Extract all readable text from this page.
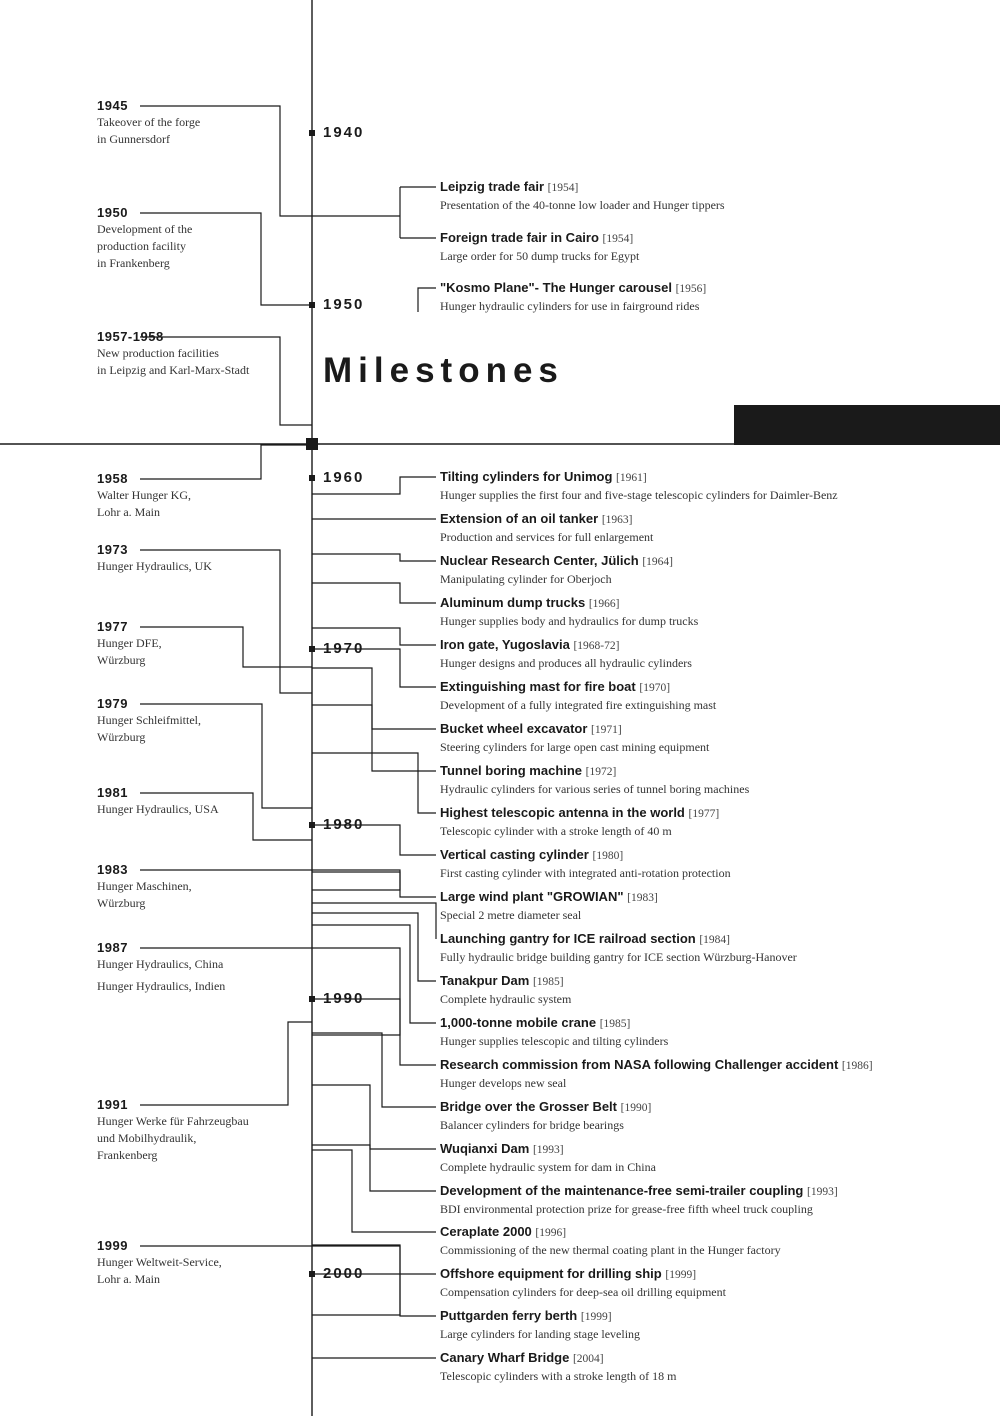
Milestones
1940
1950
1960
1970
1980
1990
2000
1945
Takeover of the forge
in Gunnersdorf
1950
Development of the
production facility
in Frankenberg
1957-1958
New production facilities
in Leipzig and Karl-Marx-Stadt
1958
Walter Hunger KG,
Lohr a. Main
1973
Hunger Hydraulics, UK
1977
Hunger DFE,
Würzburg
1979
Hunger Schleifmittel,
Würzburg
1981
Hunger Hydraulics, USA
1983
Hunger Maschinen,
Würzburg
1987
Hunger Hydraulics, China
Hunger Hydraulics, Indien
1991
Hunger Werke für Fahrzeugbau
und Mobilhydraulik,
Frankenberg
1999
Hunger Weltweit-Service,
Lohr a. Main
Leipzig trade fair [1954]
Presentation of the 40-tonne low loader and Hunger tippers
Foreign trade fair in Cairo [1954]
Large order for 50 dump trucks for Egypt
"Kosmo Plane"- The Hunger carousel [1956]
Hunger hydraulic cylinders for use in fairground rides
Tilting cylinders for Unimog [1961]
Hunger supplies the first four and five-stage telescopic cylinders for Daimler-Benz
Extension of an oil tanker [1963]
Production and services for full enlargement
Nuclear Research Center, Jülich [1964]
Manipulating cylinder for Oberjoch
Aluminum dump trucks [1966]
Hunger supplies body and hydraulics for dump trucks
Iron gate, Yugoslavia [1968-72]
Hunger designs and produces all hydraulic cylinders
Extinguishing mast for fire boat [1970]
Development of a fully integrated fire extinguishing mast
Bucket wheel excavator [1971]
Steering cylinders for large open cast mining equipment
Tunnel boring machine [1972]
Hydraulic cylinders for various series of tunnel boring machines
Highest telescopic antenna in the world [1977]
Telescopic cylinder with a stroke length of 40 m
Vertical casting cylinder [1980]
First casting cylinder with integrated anti-rotation protection
Large wind plant "GROWIAN" [1983]
Special 2 metre diameter seal
Launching gantry for ICE railroad section [1984]
Fully hydraulic bridge building gantry for ICE section Würzburg-Hanover
Tanakpur Dam [1985]
Complete hydraulic system
1,000-tonne mobile crane [1985]
Hunger supplies telescopic and tilting cylinders
Research commission from NASA following Challenger accident [1986]
Hunger develops new seal
Bridge over the Grosser Belt [1990]
Balancer cylinders for bridge bearings
Wuqianxi Dam [1993]
Complete hydraulic system for dam in China
Development of the maintenance-free semi-trailer coupling [1993]
BDI environmental protection prize for grease-free fifth wheel truck coupling
Ceraplate 2000 [1996]
Commissioning of the new thermal coating plant in the Hunger factory
Offshore equipment for drilling ship [1999]
Compensation cylinders for deep-sea oil drilling equipment
Puttgarden ferry berth [1999]
Large cylinders for landing stage leveling
Canary Wharf Bridge [2004]
Telescopic cylinders with a stroke length of 18 m
